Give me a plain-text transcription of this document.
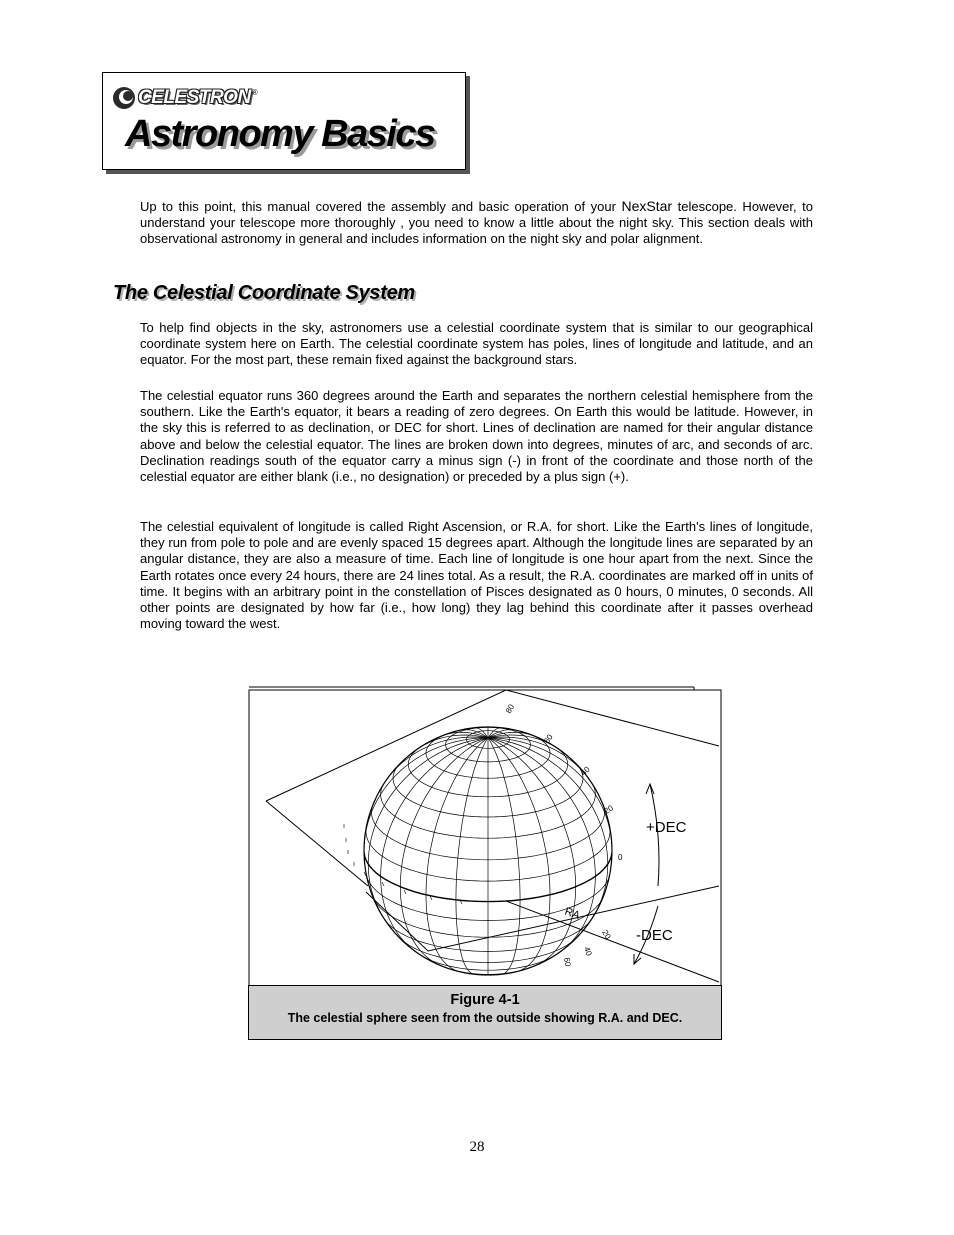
CELESTRON ®
Astronomy Basics

Up to this point, this manual covered the assembly and basic operation of your NexStar telescope. However, to understand your telescope more thoroughly , you need to know a little about the night sky. This section deals with observational astronomy in general and includes information on the night sky and polar alignment.

The Celestial Coordinate System

To help find objects in the sky, astronomers use a celestial coordinate system that is similar to our geographical coordinate system here on Earth. The celestial coordinate system has poles, lines of longitude and latitude, and an equator. For the most part, these remain fixed against the background stars.

The celestial equator runs 360 degrees around the Earth and separates the northern celestial hemisphere from the southern. Like the Earth's equator, it bears a reading of zero degrees. On Earth this would be latitude. However, in the sky this is referred to as declination, or DEC for short. Lines of declination are named for their angular distance above and below the celestial equator. The lines are broken down into degrees, minutes of arc, and seconds of arc. Declination readings south of the equator carry a minus sign (-) in front of the coordinate and those north of the celestial equator are either blank (i.e., no designation) or preceded by a plus sign (+).

The celestial equivalent of longitude is called Right Ascension, or R.A. for short. Like the Earth's lines of longitude, they run from pole to pole and are evenly spaced 15 degrees apart. Although the longitude lines are separated by an angular distance, they are also a measure of time. Each line of longitude is one hour apart from the next. Since the Earth rotates once every 24 hours, there are 24 lines total. As a result, the R.A. coordinates are marked off in units of time. It begins with an arbitrary point in the constellation of Pisces designated as 0 hours, 0 minutes, 0 seconds. All other points are designated by how far (i.e., how long) they lag behind this coordinate after it passes overhead moving toward the west.

+DEC
-DEC
RA
80
60
40
20
0
20
40
60
Figure 4-1
The celestial sphere seen from the outside showing R.A. and DEC.
28
